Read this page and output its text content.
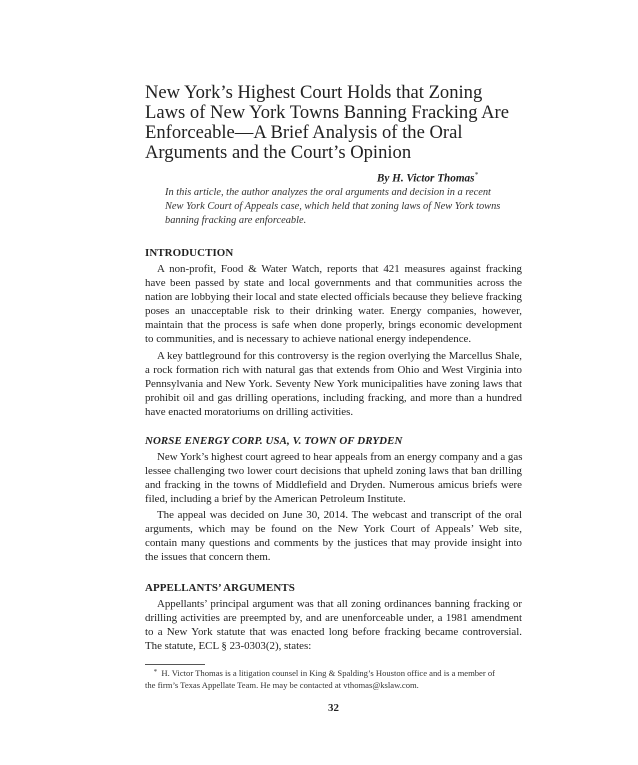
New York’s Highest Court Holds that Zoning
Laws of New York Towns Banning Fracking Are
Enforceable—A Brief Analysis of the Oral
Arguments and the Court’s Opinion
By H. Victor Thomas*
In this article, the author analyzes the oral arguments and decision in a recent
New York Court of Appeals case, which held that zoning laws of New York towns
banning fracking are enforceable.
INTRODUCTION
A non-profit, Food & Water Watch, reports that 421 measures against fracking
have been passed by state and local governments and that communities across the
nation are lobbying their local and state elected officials because they believe fracking
poses an unacceptable risk to their drinking water. Energy companies, however,
maintain that the process is safe when done properly, brings economic development
to communities, and is necessary to achieve national energy independence.
A key battleground for this controversy is the region overlying the Marcellus Shale,
a rock formation rich with natural gas that extends from Ohio and West Virginia into
Pennsylvania and New York. Seventy New York municipalities have zoning laws that
prohibit oil and gas drilling operations, including fracking, and more than a hundred
have enacted moratoriums on drilling activities.
NORSE ENERGY CORP. USA, V. TOWN OF DRYDEN
New York’s highest court agreed to hear appeals from an energy company and a gas
lessee challenging two lower court decisions that upheld zoning laws that ban drilling
and fracking in the towns of Middlefield and Dryden. Numerous amicus briefs were
filed, including a brief by the American Petroleum Institute.
The appeal was decided on June 30, 2014. The webcast and transcript of the oral
arguments, which may be found on the New York Court of Appeals’ Web site,
contain many questions and comments by the justices that may provide insight into
the issues that concern them.
APPELLANTS’ ARGUMENTS
Appellants’ principal argument was that all zoning ordinances banning fracking or
drilling activities are preempted by, and are unenforceable under, a 1981 amendment
to a New York statute that was enacted long before fracking became controversial.
The statute, ECL § 23-0303(2), states:
 *  H. Victor Thomas is a litigation counsel in King & Spalding’s Houston office and is a member of
the firm’s Texas Appellate Team. He may be contacted at vthomas@kslaw.com.
32
